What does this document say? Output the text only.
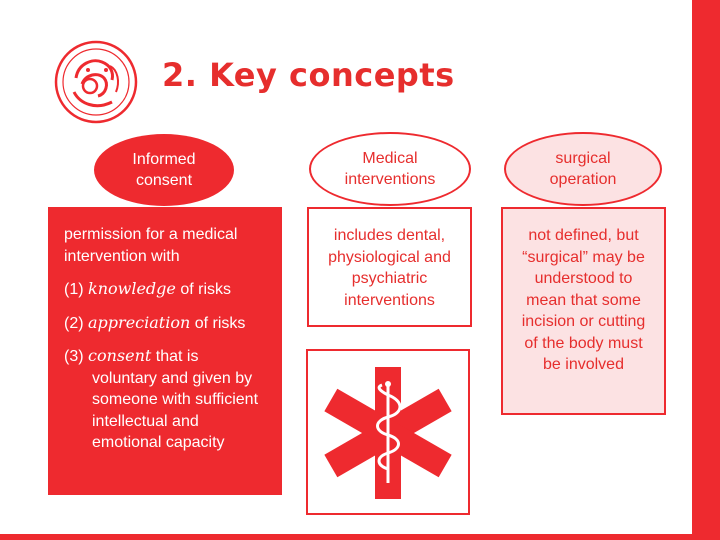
2. Key concepts
Informed consent
permission for a medical intervention with
(1) knowledge of risks
(2) appreciation of risks
(3) consent that is voluntary and given by someone with sufficient intellectual and emotional capacity
Medical interventions
includes dental, physiological and psychiatric interventions
surgical operation
not defined, but “surgical” may be understood to mean that some incision or cutting of the body must be involved
